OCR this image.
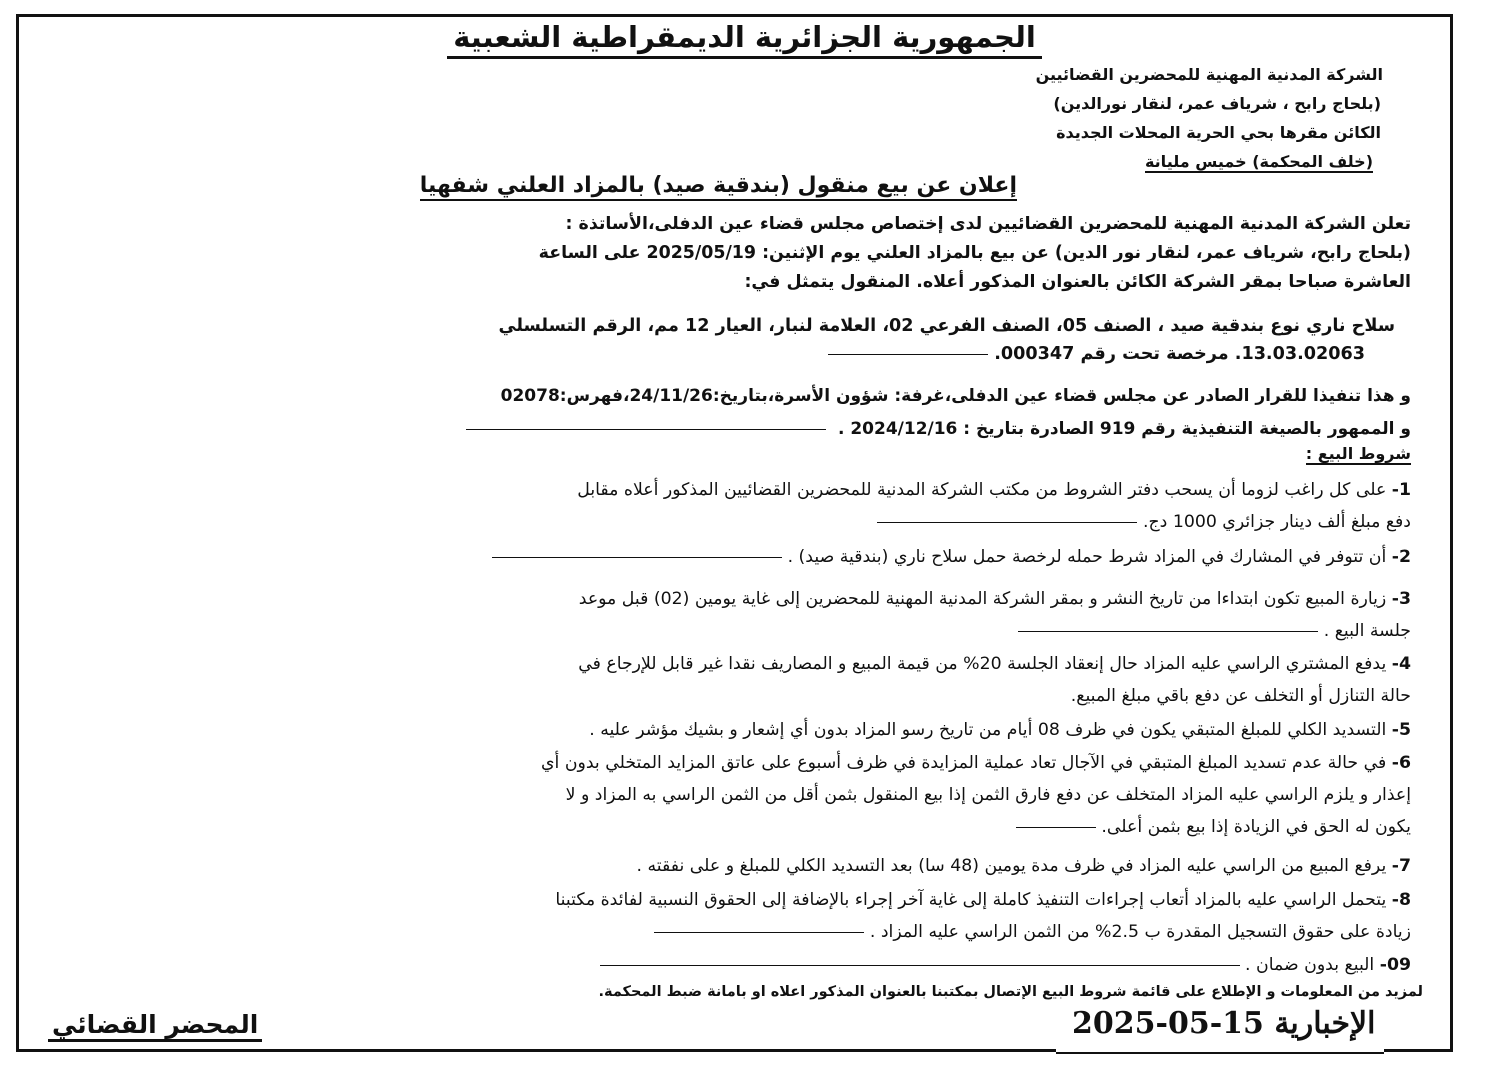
الجمهورية الجزائرية الديمقراطية الشعبية
الشركة المدنية المهنية للمحضرين القضائيين
(بلحاج رابح ، شرياف عمر، لنقار نورالدين)
الكائن مقرها بحي الحرية المحلات الجديدة
(خلف المحكمة) خميس مليانة
إعلان عن بيع منقول (بندقية صيد) بالمزاد العلني شفهيا
تعلن الشركة المدنية المهنية للمحضرين القضائيين لدى إختصاص مجلس قضاء عين الدفلى،الأساتذة :
(بلحاج رابح، شرياف عمر، لنقار نور الدين) عن بيع بالمزاد العلني يوم الإثنين: 2025/05/19 على الساعة
العاشرة صباحا بمقر الشركة الكائن بالعنوان المذكور أعلاه. المنقول يتمثل في:
سلاح ناري نوع بندقية صيد ، الصنف 05، الصنف الفرعي 02، العلامة لنبار، العيار 12 مم، الرقم التسلسلي
13.03.02063. مرخصة تحت رقم 000347.
و هذا تنفيذا للقرار الصادر عن مجلس قضاء عين الدفلى،غرفة: شؤون الأسرة،بتاريخ:24/11/26،فهرس:02078
و الممهور بالصيغة التنفيذية رقم 919 الصادرة بتاريخ : 2024/12/16 .
شروط البيع :
1- على كل راغب لزوما أن يسحب دفتر الشروط من مكتب الشركة المدنية للمحضرين القضائيين المذكور أعلاه مقابل
دفع مبلغ ألف دينار جزائري 1000 دج.
2- أن تتوفر في المشارك في المزاد شرط حمله لرخصة حمل سلاح ناري (بندقية صيد) .
3- زيارة المبيع تكون ابتداءا من تاريخ النشر و بمقر الشركة المدنية المهنية للمحضرين إلى غاية يومين (02) قبل موعد
جلسة البيع .
4- يدفع المشتري الراسي عليه المزاد حال إنعقاد الجلسة 20% من قيمة المبيع و المصاريف نقدا غير قابل للإرجاع في
حالة التنازل أو التخلف عن دفع باقي مبلغ المبيع.
5- التسديد الكلي للمبلغ المتبقي يكون في ظرف 08 أيام من تاريخ رسو المزاد بدون أي إشعار و بشيك مؤشر عليه .
6- في حالة عدم تسديد المبلغ المتبقي في الآجال تعاد عملية المزايدة في ظرف أسبوع على عاتق المزايد المتخلي بدون أي
إعذار و يلزم الراسي عليه المزاد المتخلف عن دفع فارق الثمن إذا بيع المنقول بثمن أقل من الثمن الراسي به المزاد و لا
يكون له الحق في الزيادة إذا بيع بثمن أعلى.
7- يرفع المبيع من الراسي عليه المزاد في ظرف مدة يومين (48 سا) بعد التسديد الكلي للمبلغ و على نفقته .
8- يتحمل الراسي عليه بالمزاد أتعاب إجراءات التنفيذ كاملة إلى غاية آخر إجراء بالإضافة إلى الحقوق النسبية لفائدة مكتبنا
زيادة على حقوق التسجيل المقدرة ب 2.5% من الثمن الراسي عليه المزاد .
09- البيع بدون ضمان .
لمزيد من المعلومات و الإطلاع على قائمة شروط البيع الإتصال بمكتبنا بالعنوان المذكور اعلاه او بامانة ضبط المحكمة.
المحضر القضائي	الإخبارية 15-05-2025
